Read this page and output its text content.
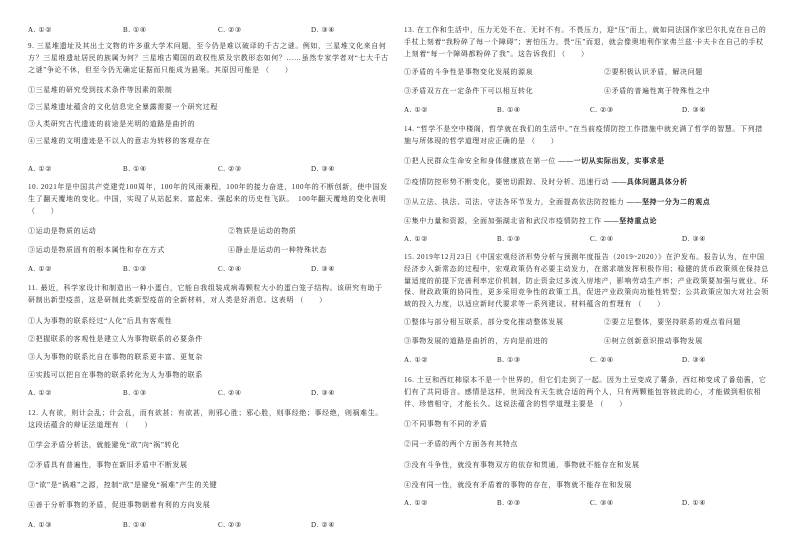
A. ①②	B. ①④	C. ②③	D. ③④
9. 三星堆遗址及其出土文物的许多重大学术问题，至今仍是难以破译的千古之谜。例如，三星堆文化来自何方？三星堆遗址居民的族属为何？三星堆古蜀国的政权性质及宗教形态如何？……虽然专家学者对“七大千古之谜”争论不休，但至今仍无确定证据而只能成为悬案。其原因可能是 （　　）
①三星堆的研究受到技术条件等因素的限制
②三星堆遗址蕴含的文化信息完全暴露需要一个研究过程
③人类研究古代遗迹的前途是光明的道路是曲折的
④三星堆的文明遗迹是不以人的意志为转移的客观存在
A. ①②	B. ①④	C. ②③	D. ③④
10. 2021年是中国共产党建党100周年，100年的风雨兼程，100年的接力奋进，100年的不断创新，使中国发生了翻天覆地的变化。中国，实现了从站起来、富起来、强起来的历史性飞跃。　100年翻天覆地的变化表明 （　　）
①运动是物质的运动	②物质是运动的物质
③运动是物质固有的根本属性和存在方式	④静止是运动的一种特殊状态
A. ①②	B. ①③	C. ②④	D. ③④
11. 最近，科学家设计和制造出一种小蛋白，它能自我组装成病毒颗粒大小的蛋白笼子结构。该研究有助于研制出新型疫苗，这是研制此类新型疫苗的全新材料，对人类是好消息。这表明 （　　）
①人为事物的联系经过“人化”后具有客观性
②把握联系的客观性是建立人为事物联系的必要条件
③人为事物的联系比自在事物的联系更丰富、更复杂
④实践可以把自在事物的联系转化为人为事物的联系
A. ①②	B. ①③	C. ②④	D. ③④
12. 人有欲，则计会乱；计会乱，而有欲甚；有欲甚，则邪心胜；邪心胜，则事经绝；事经绝，则祸难生。这段话蕴含的辩证法道理有 （　　）
①学会矛盾分析法，就能避免“欲”向“祸”转化
②矛盾具有普遍性，事物在新旧矛盾中不断发展
③“欲”是“祸难”之源，控制“欲”是避免“祸难”产生的关键
④善于分析事物的矛盾，促进事物朝着有利的方向发展
A. ①③	B. ①④	C. ②③	D. ②④
13. 在工作和生活中，压力无处不在、无时不有。不畏压力，迎“压”而上，就如同法国作家巴尔扎克在自己的手杖上刻着“我粉碎了每一个障碍”；害怕压力，畏“压”而退，就会像奥地利作家弗兰兹·卡夫卡在自己的手杖上刻着“每一个障碍都粉碎了我”。这告诉我们 （　　）
①矛盾的斗争性是事物变化发展的源泉	②要积极认识矛盾，解决问题
③矛盾双方在一定条件下可以相互转化	④矛盾的普遍性寓于特殊性之中
A. ①②	B. ①④	C. ②③	D. ③④
14. “哲学不是空中楼阁，哲学就在我们的生活中。”在当前疫情防控工作措施中就充满了哲学的智慧。下列措施与所体现的哲学道理对应正确的是 （　　）
①把人民群众生命安全和身体健康放在第一位 ——一切从实际出发，实事求是
②疫情防控形势不断变化，要密切跟踪、及时分析、迅速行动 ——具体问题具体分析
③从立法、执法、司法、守法各环节发力，全面提高依法防控能力 ——坚持一分为二的观点
④集中力量和资源，全面加强湖北省和武汉市疫情防控工作 ——坚持重点论
A. ①②	B. ①③	C. ②④	D. ③④
15. 2019年12月23日《中国宏观经济形势分析与预测年度报告（2019~2020）》在沪发布。报告认为，在中国经济步入新常态的过程中，宏观政策仍有必要主动发力，在需求端发挥积极作用；稳健的货币政策须在保持总量适度的前提下完善利率定价机制，防止资金过多流入房地产，影响劳动生产率；产业政策要加强与就业、环保、财政政策的协同性，更多采用竞争性的政策工具，促进产业政策向功能性转型；公共政策应加大对社会领域的投入力度，以适应新时代要求等一系列建议。材料蕴含的哲理有 （　　）
①整体与部分相互联系，部分变化推动整体发展	②要立足整体，要坚持联系的观点看问题
③事物发展的道路是曲折的，方向是前进的	④树立创新意识推动事物发展
A. ①②	B. ①③	C. ②④	D. ③④
16. 土豆和西红柿原本不是一个世界的，但它们走到了一起。因为土豆变成了薯条，西红柿变成了番茄酱，它们有了共同语言。感情是这样，世间没有天生就合适的两个人，只有两颗能包容彼此的心，才能做到相依相伴、珍惜相守，才能长久。这说法蕴含的哲学道理主要是 （　　）
①不同事物有不同的矛盾
②同一矛盾的两个方面各有其特点
③没有斗争性，就没有事物双方的依存和贯通，事物就不能存在和发展
④没有同一性，就没有矛盾着的事物的存在，事物就不能存在和发展
A. ①②	B. ②③	C. ③④	D. ①④
